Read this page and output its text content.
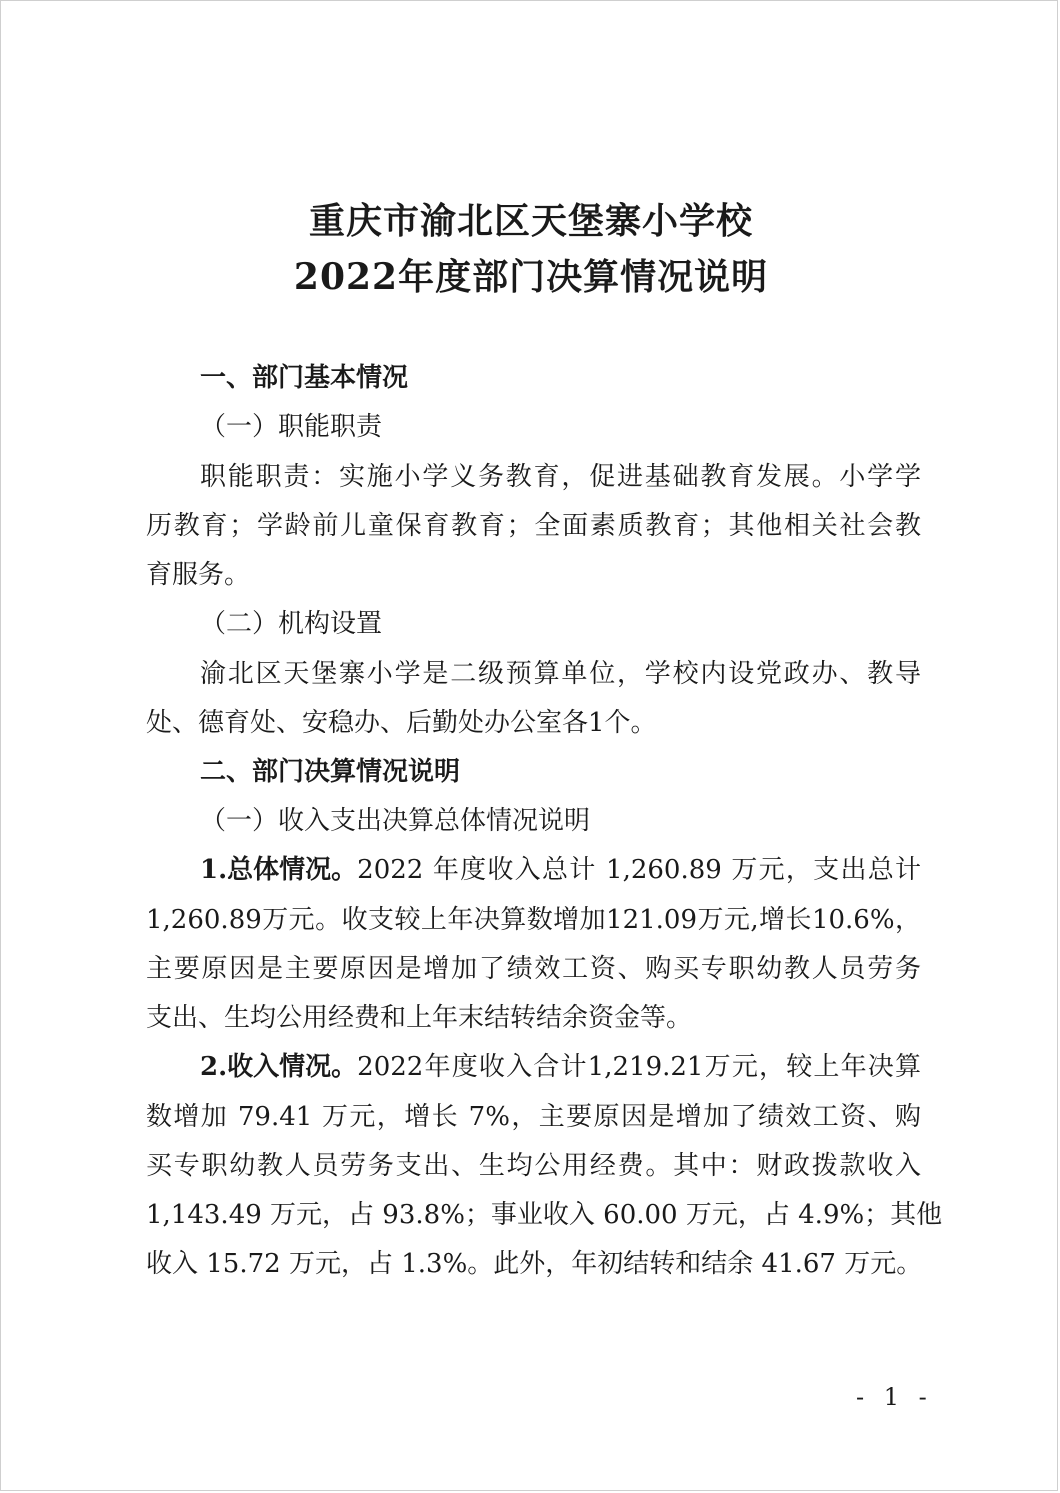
重庆市渝北区天堡寨小学校
2022年度部门决算情况说明
一、部门基本情况
（一）职能职责
职能职责：实施小学义务教育，促进基础教育发展。小学学
历教育；学龄前儿童保育教育；全面素质教育；其他相关社会教
育服务。
（二）机构设置
渝北区天堡寨小学是二级预算单位，学校内设党政办、教导
处、德育处、安稳办、后勤处办公室各1个。
二、部门决算情况说明
（一）收入支出决算总体情况说明
1.总体情况。 2022 年度收入总计 1,260.89 万元，支出总计
1,260.89万元。收支较上年决算数增加121.09万元,增长10.6%，
主要原因是主要原因是增加了绩效工资、购买专职幼教人员劳务
支出、生均公用经费和上年末结转结余资金等。
2.收入情况。 2022年度收入合计1,219.21万元，较上年决算
数增加 79.41 万元，增长 7%，主要原因是增加了绩效工资、购
买专职幼教人员劳务支出、生均公用经费。其中：财政拨款收入
1,143.49 万元，占 93.8%；事业收入 60.00 万元，占 4.9%；其他
收入 15.72 万元，占 1.3%。此外，年初结转和结余 41.67 万元。
- 1 -
